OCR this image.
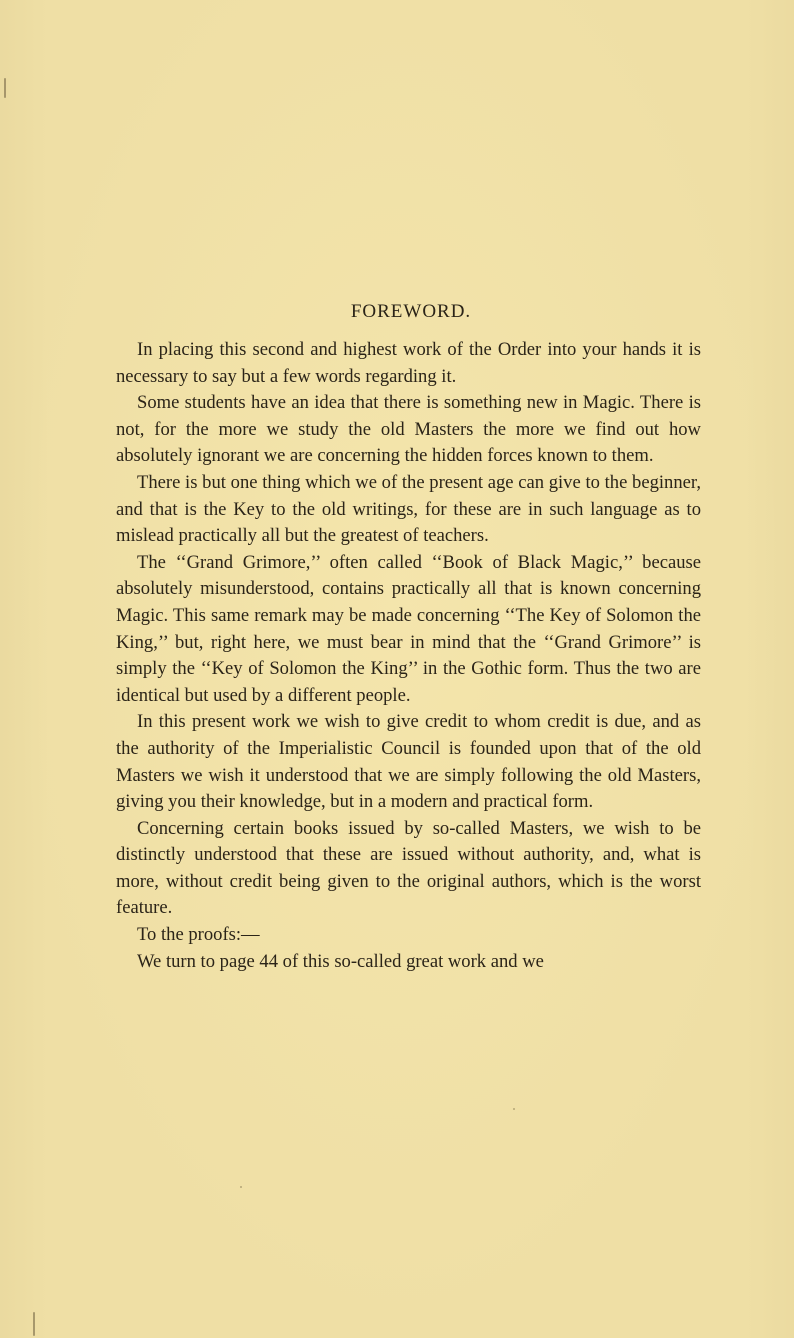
FOREWORD.

In placing this second and highest work of the Order into your hands it is necessary to say but a few words regarding it.

Some students have an idea that there is something new in Magic. There is not, for the more we study the old Masters the more we find out how absolutely ignorant we are concerning the hidden forces known to them.

There is but one thing which we of the present age can give to the beginner, and that is the Key to the old writings, for these are in such language as to mislead practically all but the greatest of teachers.

The ‘‘Grand Grimore,’’ often called ‘‘Book of Black Magic,’’ because absolutely misunderstood, contains practically all that is known concerning Magic. This same remark may be made concerning ‘‘The Key of Solomon the King,’’ but, right here, we must bear in mind that the ‘‘Grand Grimore’’ is simply the ‘‘Key of Solomon the King’’ in the Gothic form. Thus the two are identical but used by a different people.

In this present work we wish to give credit to whom credit is due, and as the authority of the Imperialistic Council is founded upon that of the old Masters we wish it understood that we are simply following the old Masters, giving you their knowledge, but in a modern and practical form.

Concerning certain books issued by so-called Masters, we wish to be distinctly understood that these are issued without authority, and, what is more, without credit being given to the original authors, which is the worst feature.

To the proofs:—

We turn to page 44 of this so-called great work and we
